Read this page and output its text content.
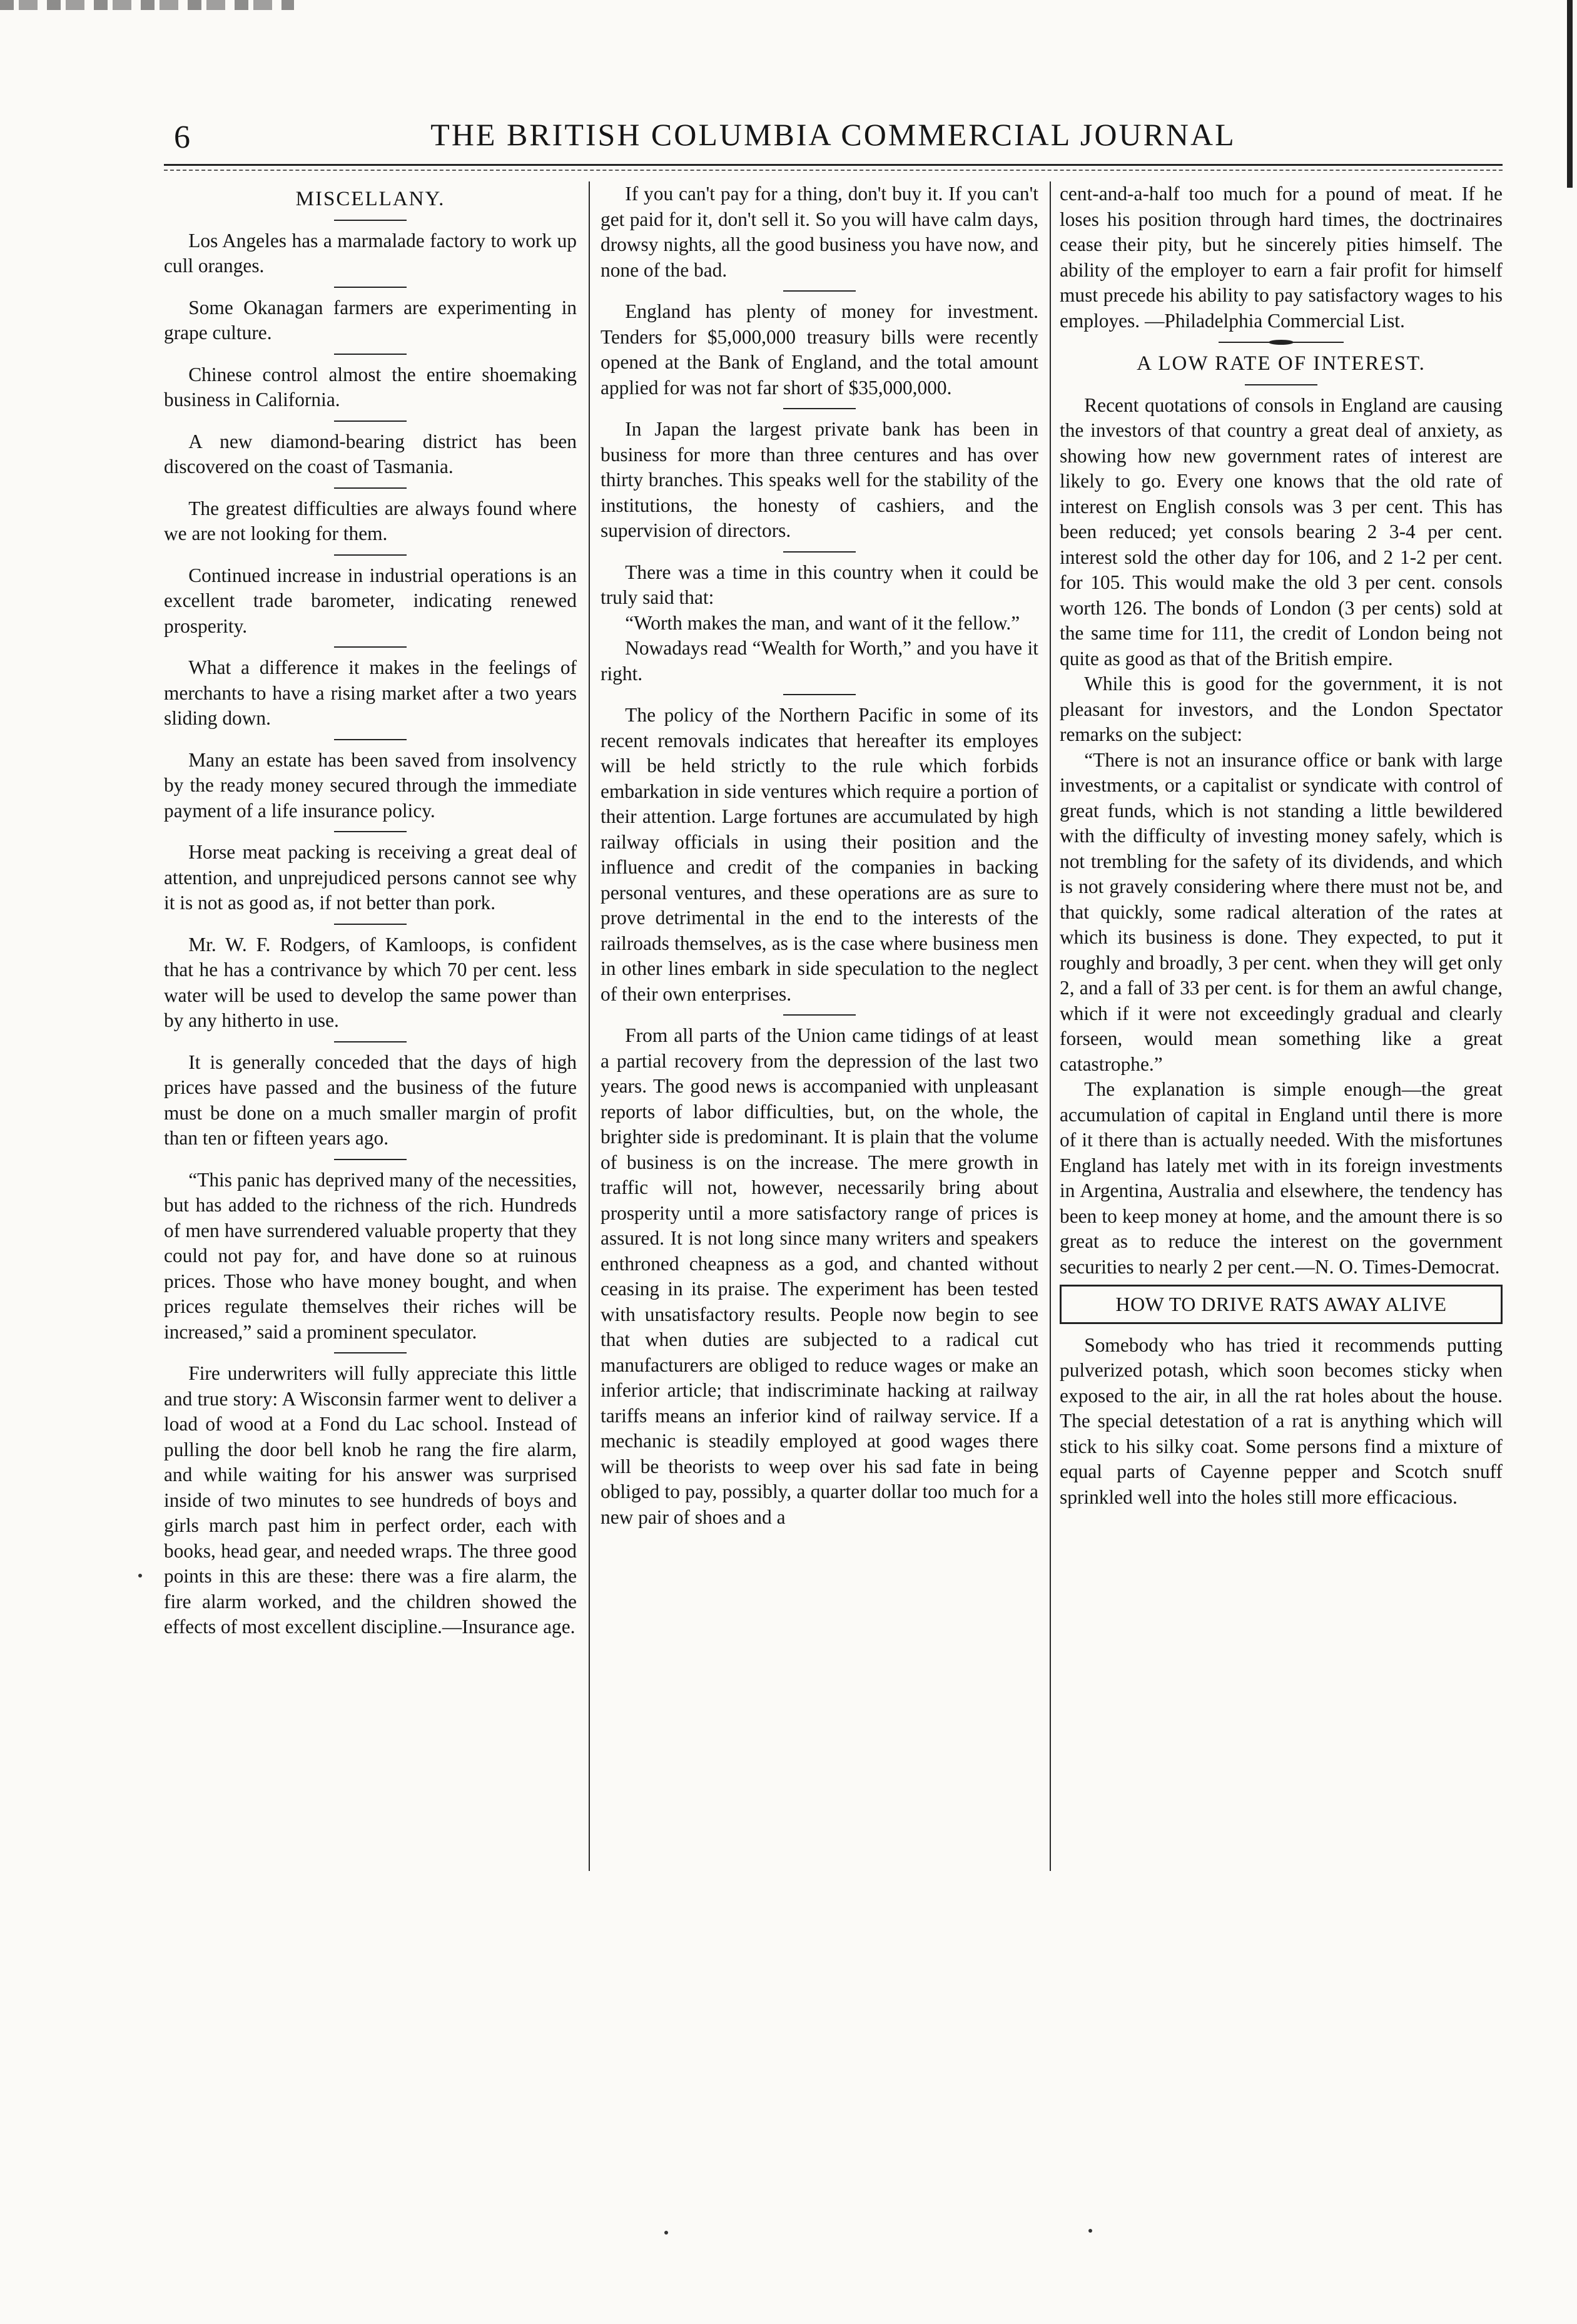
6	THE BRITISH COLUMBIA COMMERCIAL JOURNAL
MISCELLANY.

Los Angeles has a marmalade factory to work up cull oranges.

Some Okanagan farmers are experimenting in grape culture.

Chinese control almost the entire shoemaking business in California.

A new diamond-bearing district has been discovered on the coast of Tasmania.

The greatest difficulties are always found where we are not looking for them.

Continued increase in industrial operations is an excellent trade barometer, indicating renewed prosperity.

What a difference it makes in the feelings of merchants to have a rising market after a two years sliding down.

Many an estate has been saved from insolvency by the ready money secured through the immediate payment of a life insurance policy.

Horse meat packing is receiving a great deal of attention, and unprejudiced persons cannot see why it is not as good as, if not better than pork.

Mr. W. F. Rodgers, of Kamloops, is confident that he has a contrivance by which 70 per cent. less water will be used to develop the same power than by any hitherto in use.

It is generally conceded that the days of high prices have passed and the business of the future must be done on a much smaller margin of profit than ten or fifteen years ago.

“This panic has deprived many of the necessities, but has added to the richness of the rich. Hundreds of men have surrendered valuable property that they could not pay for, and have done so at ruinous prices. Those who have money bought, and when prices regulate themselves their riches will be increased,” said a prominent speculator.

Fire underwriters will fully appreciate this little and true story: A Wisconsin farmer went to deliver a load of wood at a Fond du Lac school. Instead of pulling the door bell knob he rang the fire alarm, and while waiting for his answer was surprised inside of two minutes to see hundreds of boys and girls march past him in perfect order, each with books, head gear, and needed wraps. The three good points in this are these: there was a fire alarm, the fire alarm worked, and the children showed the effects of most excellent discipline.—Insurance age.

If you can't pay for a thing, don't buy it. If you can't get paid for it, don't sell it. So you will have calm days, drowsy nights, all the good business you have now, and none of the bad.

England has plenty of money for investment. Tenders for $5,000,000 treasury bills were recently opened at the Bank of England, and the total amount applied for was not far short of $35,000,000.

In Japan the largest private bank has been in business for more than three centures and has over thirty branches. This speaks well for the stability of the institutions, the honesty of cashiers, and the supervision of directors.

There was a time in this country when it could be truly said that:

“Worth makes the man, and want of it the fellow.”

Nowadays read “Wealth for Worth,” and you have it right.

The policy of the Northern Pacific in some of its recent removals indicates that hereafter its employes will be held strictly to the rule which forbids embarkation in side ventures which require a portion of their attention. Large fortunes are accumulated by high railway officials in using their position and the influence and credit of the companies in backing personal ventures, and these operations are as sure to prove detrimental in the end to the interests of the railroads themselves, as is the case where business men in other lines embark in side speculation to the neglect of their own enterprises.

From all parts of the Union came tidings of at least a partial recovery from the depression of the last two years. The good news is accompanied with unpleasant reports of labor difficulties, but, on the whole, the brighter side is predominant. It is plain that the volume of business is on the increase. The mere growth in traffic will not, however, necessarily bring about prosperity until a more satisfactory range of prices is assured. It is not long since many writers and speakers enthroned cheapness as a god, and chanted without ceasing in its praise. The experiment has been tested with unsatisfactory results. People now begin to see that when duties are subjected to a radical cut manufacturers are obliged to reduce wages or make an inferior article; that indiscriminate hacking at railway tariffs means an inferior kind of railway service. If a mechanic is steadily employed at good wages there will be theorists to weep over his sad fate in being obliged to pay, possibly, a quarter dollar too much for a new pair of shoes and a

cent-and-a-half too much for a pound of meat. If he loses his position through hard times, the doctrinaires cease their pity, but he sincerely pities himself. The ability of the employer to earn a fair profit for himself must precede his ability to pay satisfactory wages to his employes. —Philadelphia Commercial List.

A LOW RATE OF INTEREST.

Recent quotations of consols in England are causing the investors of that country a great deal of anxiety, as showing how new government rates of interest are likely to go. Every one knows that the old rate of interest on English consols was 3 per cent. This has been reduced; yet consols bearing 2 3-4 per cent. interest sold the other day for 106, and 2 1-2 per cent. for 105. This would make the old 3 per cent. consols worth 126. The bonds of London (3 per cents) sold at the same time for 111, the credit of London being not quite as good as that of the British empire.

While this is good for the government, it is not pleasant for investors, and the London Spectator remarks on the subject:

“There is not an insurance office or bank with large investments, or a capitalist or syndicate with control of great funds, which is not standing a little bewildered with the difficulty of investing money safely, which is not trembling for the safety of its dividends, and which is not gravely considering where there must not be, and that quickly, some radical alteration of the rates at which its business is done. They expected, to put it roughly and broadly, 3 per cent. when they will get only 2, and a fall of 33 per cent. is for them an awful change, which if it were not exceedingly gradual and clearly forseen, would mean something like a great catastrophe.”

The explanation is simple enough—the great accumulation of capital in England until there is more of it there than is actually needed. With the misfortunes England has lately met with in its foreign investments in Argentina, Australia and elsewhere, the tendency has been to keep money at home, and the amount there is so great as to reduce the interest on the government securities to nearly 2 per cent.—N. O. Times-Democrat.

HOW TO DRIVE RATS AWAY ALIVE

Somebody who has tried it recommends putting pulverized potash, which soon becomes sticky when exposed to the air, in all the rat holes about the house. The special detestation of a rat is anything which will stick to his silky coat. Some persons find a mixture of equal parts of Cayenne pepper and Scotch snuff sprinkled well into the holes still more efficacious.
